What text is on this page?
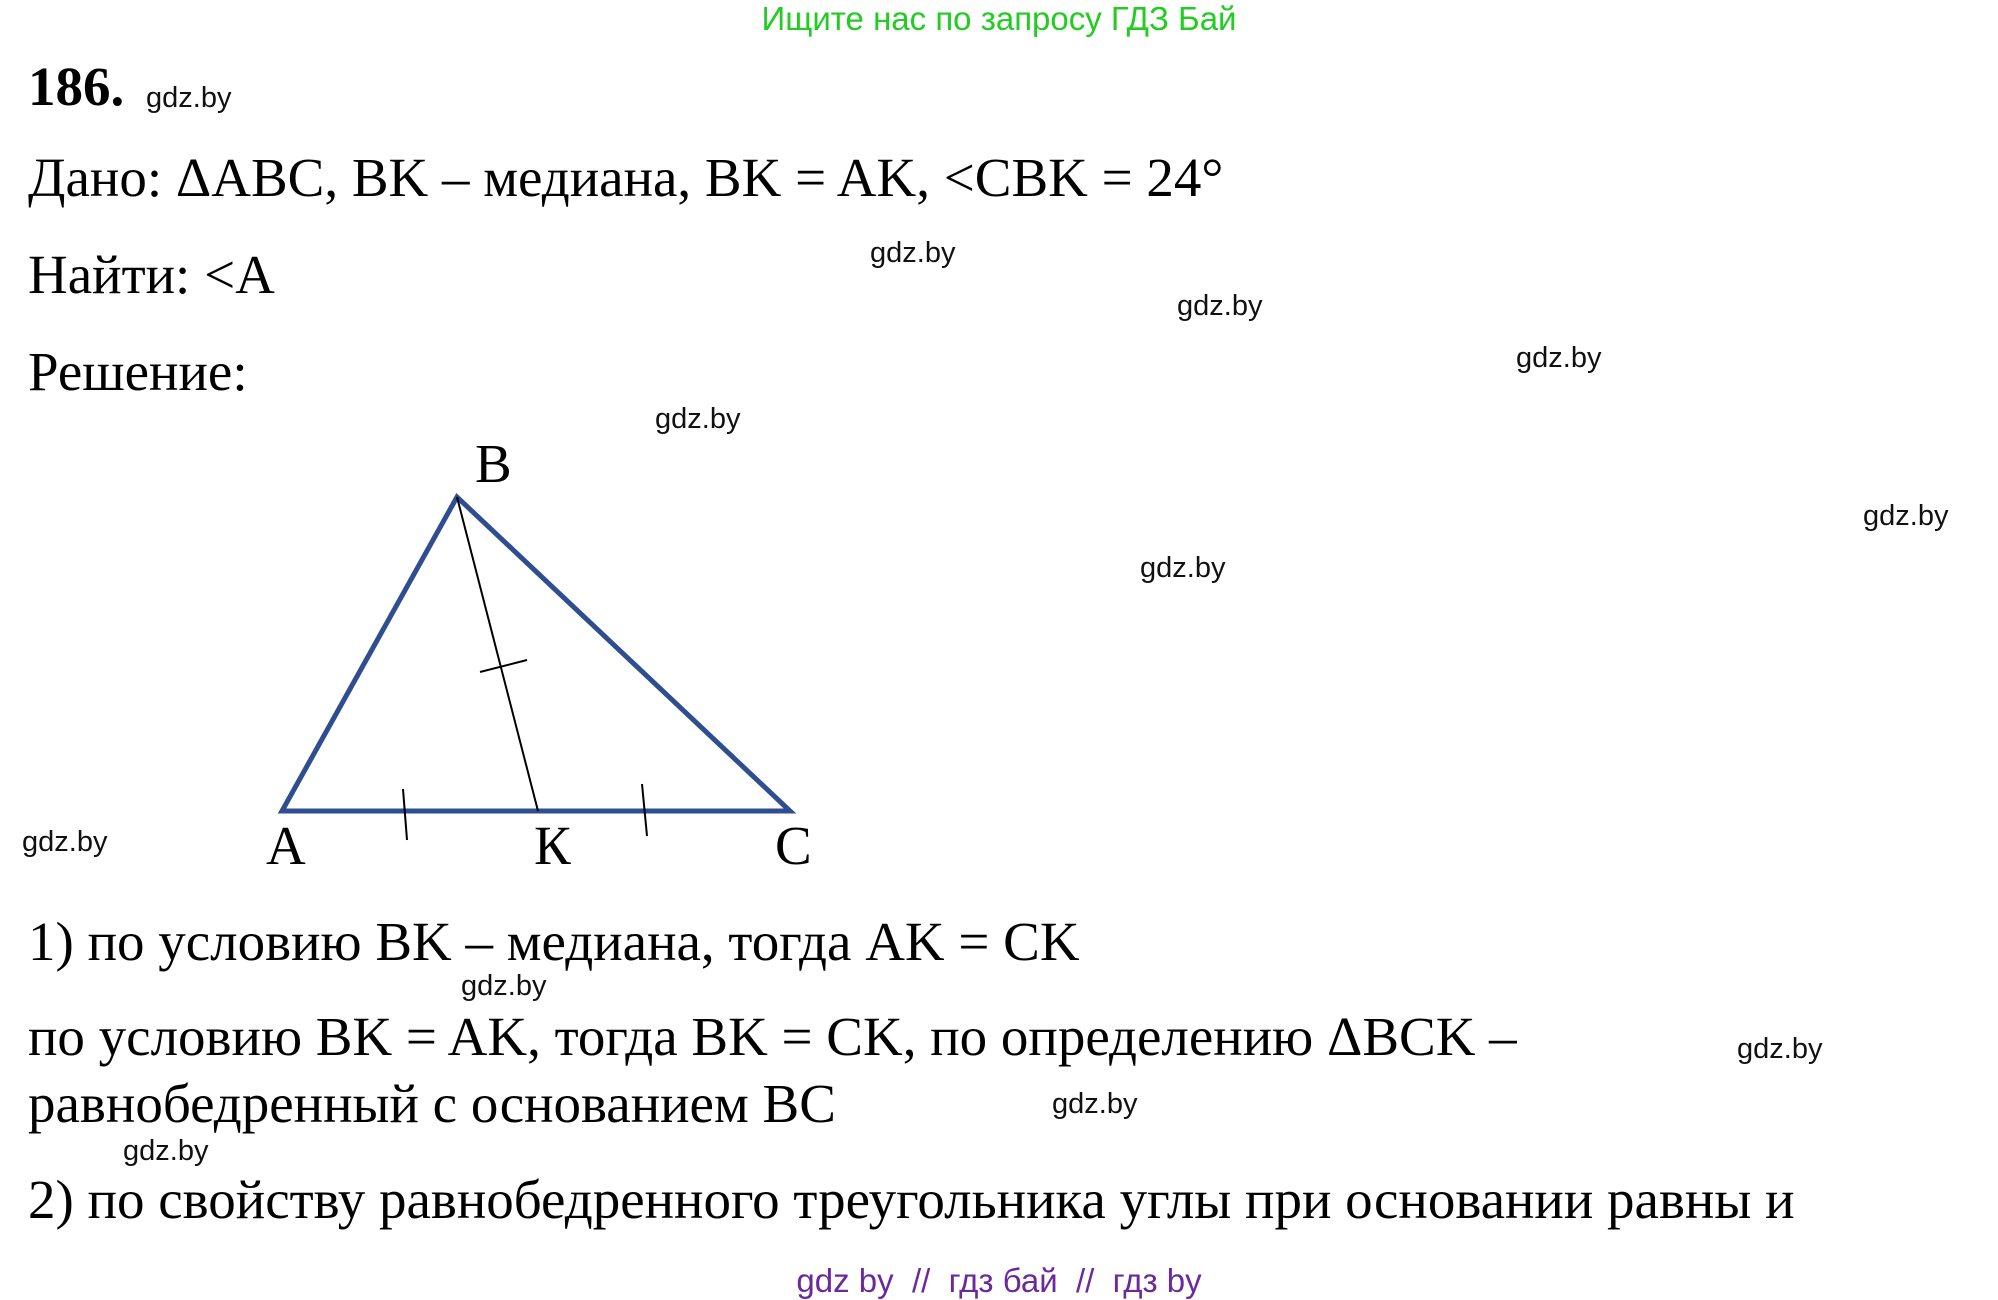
Ищите нас по запросу ГДЗ Бай
186. gdz.by
Дано: ΔABC, BK – медиана, BK = AK, <CBK = 24°
Найти: <A
Решение:
gdz.by
gdz.by
gdz.by
gdz.by
gdz.by
gdz.by
gdz.by
B
A	К	C
1) по условию BK – медиана, тогда AK = CK
gdz.by
по условию BK = AK, тогда BK = CK, по определению ΔBCK –	gdz.by
равнобедренный с основанием BC	gdz.by
gdz.by
2) по свойству равнобедренного треугольника углы при основании равны и
gdz by  //  гдз бай  //  гдз by
